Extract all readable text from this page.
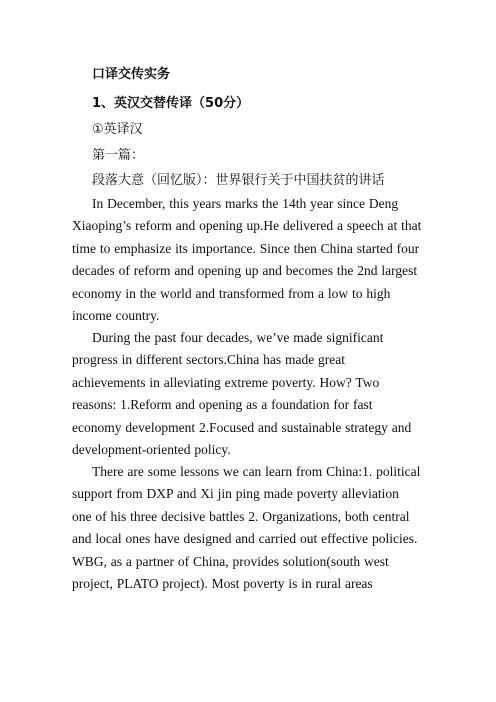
口译交传实务

1、英汉交替传译（50分）

①英译汉

第一篇：

段落大意（回忆版）：世界银行关于中国扶贫的讲话

In December, this years marks the 14th year since Deng Xiaoping’s reform and opening up.He delivered a speech at that time to emphasize its importance. Since then China started four decades of reform and opening up and becomes the 2nd largest economy in the world and transformed from a low to high income country.

During the past four decades, we’ve made significant progress in different sectors.China has made great achievements in alleviating extreme poverty. How? Two reasons: 1.Reform and opening as a foundation for fast economy development 2.Focused and sustainable strategy and development-oriented policy.

There are some lessons we can learn from China:1. political support from DXP and Xi jin ping made poverty alleviation one of his three decisive battles 2. Organizations, both central and local ones have designed and carried out effective policies. WBG, as a partner of China, provides solution(south west project, PLATO project). Most poverty is in rural areas
